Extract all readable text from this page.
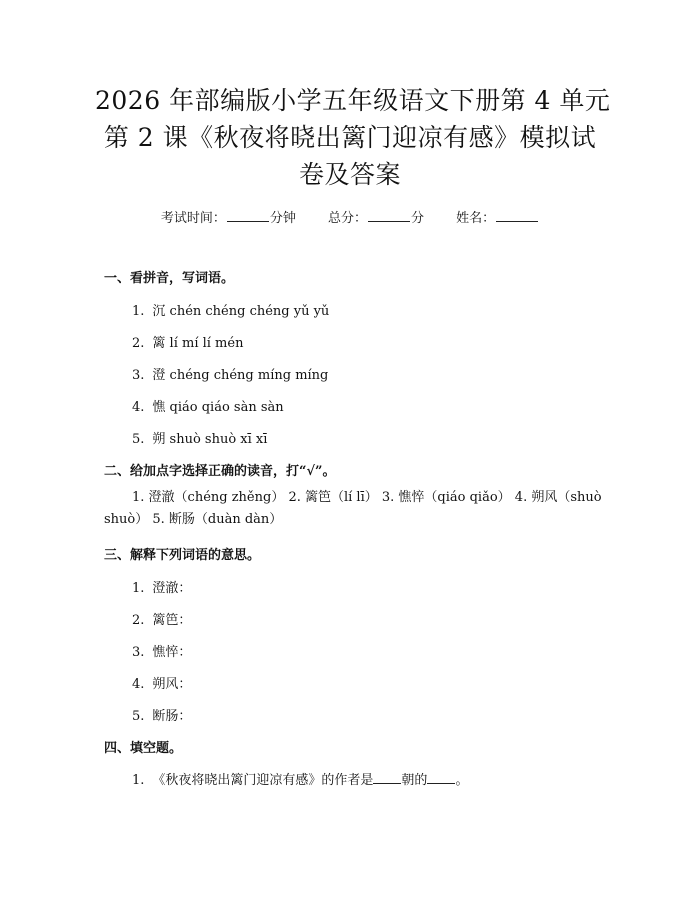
2026 年部编版小学五年级语文下册第 4 单元
第 2 课《秋夜将晓出篱门迎凉有感》模拟试
卷及答案
考试时间：	分钟 总分：	分 姓名：
一、看拼音，写词语。
1. 沉 chén chéng chéng yǔ yǔ
2. 篱 lí mí lí mén
3. 澄 chéng chéng míng míng
4. 憔 qiáo qiáo sàn sàn
5. 朔 shuò shuò xī xī
二、给加点字选择正确的读音，打“√”。
1. 澄澈（chéng zhěng） 2. 篱笆（lí lī） 3. 憔悴（qiáo qiǎo） 4. 朔风（shuò shuò） 5. 断肠（duàn dàn）
三、解释下列词语的意思。
1. 澄澈：
2. 篱笆：
3. 憔悴：
4. 朔风：
5. 断肠：
四、填空题。
1. 《秋夜将晓出篱门迎凉有感》的作者是 朝的 。
